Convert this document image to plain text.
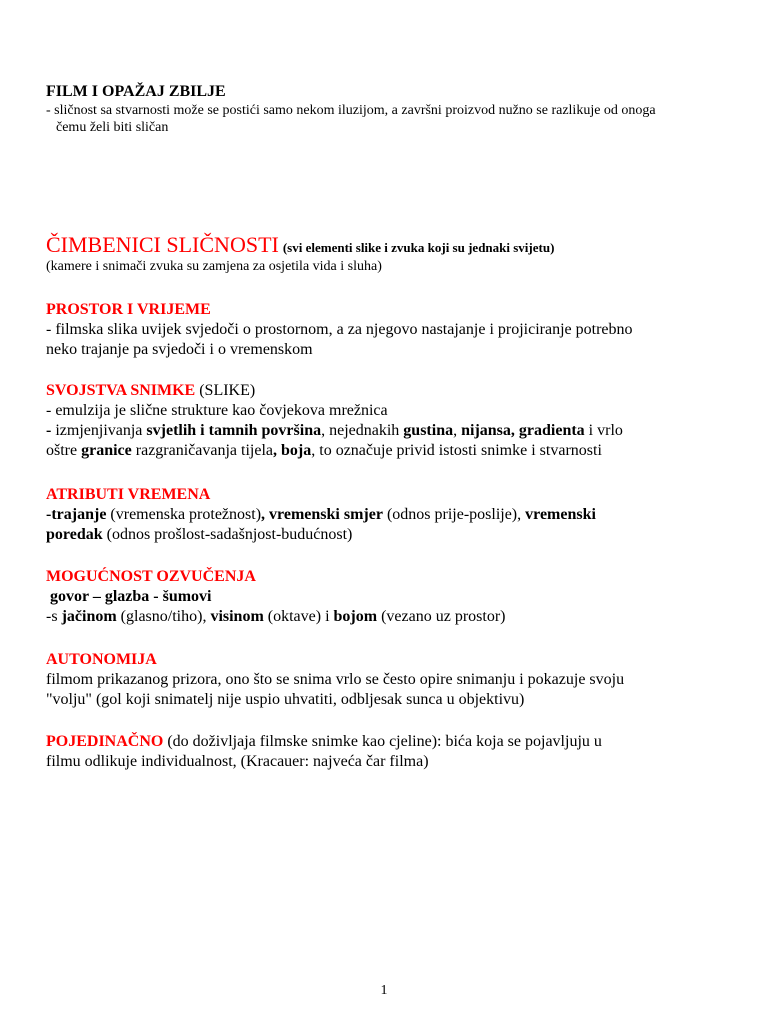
FILM I OPAŽAJ ZBILJE
- sličnost sa stvarnosti može se postići samo nekom iluzijom, a završni proizvod nužno se razlikuje od onoga
čemu želi biti sličan
ČIMBENICI SLIČNOSTI (svi elementi slike i zvuka koji su jednaki svijetu)
(kamere i snimači zvuka su zamjena za osjetila vida i sluha)
PROSTOR I VRIJEME
- filmska slika uvijek svjedoči o prostornom, a za njegovo nastajanje i projiciranje potrebno
neko trajanje pa svjedoči i o vremenskom
SVOJSTVA SNIMKE (SLIKE)
- emulzija je slične strukture kao čovjekova mrežnica
- izmjenjivanja svjetlih i tamnih površina, nejednakih gustina, nijansa, gradienta i vrlo
oštre granice razgraničavanja tijela, boja, to označuje privid istosti snimke i stvarnosti
ATRIBUTI VREMENA
-trajanje (vremenska protežnost), vremenski smjer (odnos prije-poslije), vremenski
poredak (odnos prošlost-sadašnjost-budućnost)
MOGUĆNOST OZVUČENJA
govor – glazba - šumovi
-s jačinom (glasno/tiho), visinom (oktave) i bojom (vezano uz prostor)
AUTONOMIJA
filmom prikazanog prizora, ono što se snima vrlo se često opire snimanju i pokazuje svoju
"volju" (gol koji snimatelj nije uspio uhvatiti, odbljesak sunca u objektivu)
POJEDINAČNO (do doživljaja filmske snimke kao cjeline): bića koja se pojavljuju u
filmu odlikuje individualnost, (Kracauer: najveća čar filma)
1
